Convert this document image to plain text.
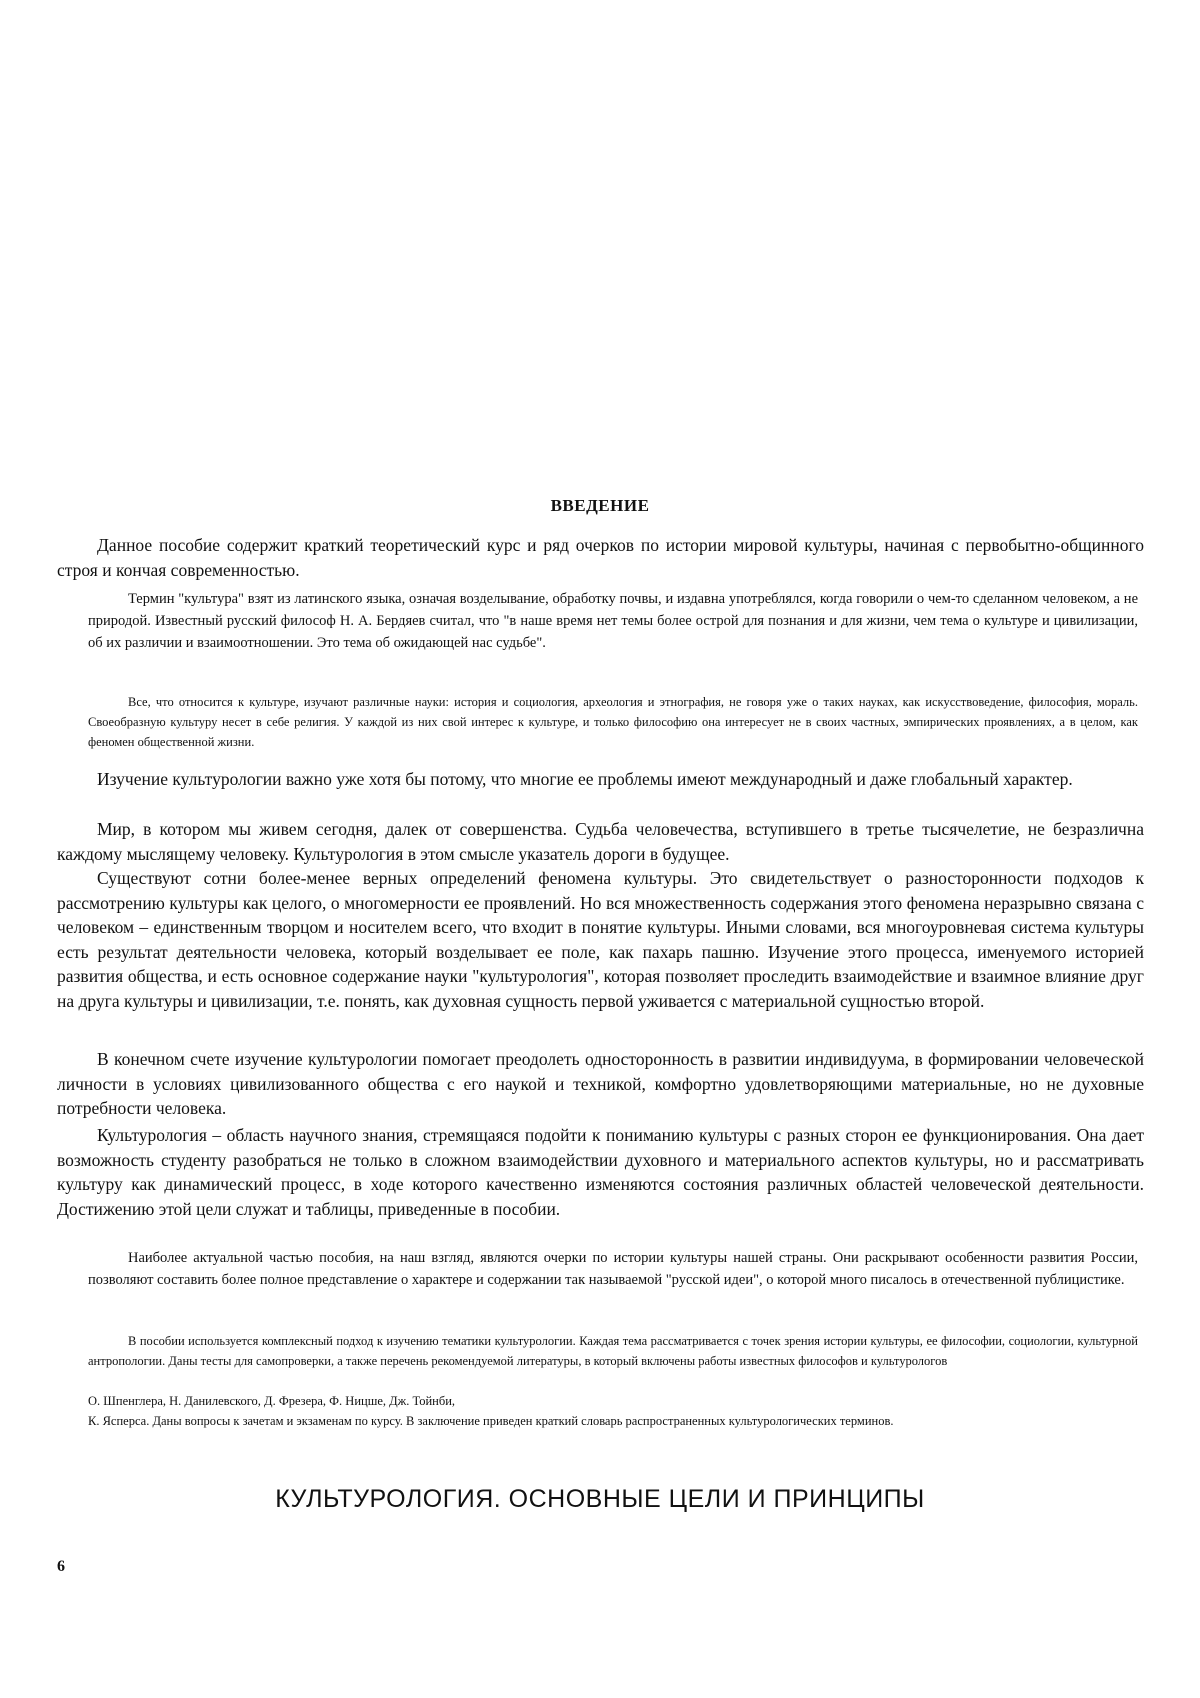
ВВЕДЕНИЕ

Данное пособие содержит краткий теоретический курс и ряд очерков по истории мировой культуры, начиная с первобытно-общинного строя и кончая современностью.

Термин "культура" взят из латинского языка, означая возделывание, обработку почвы, и издавна употреблялся, когда говорили о чем-то сделанном человеком, а не природой. Известный русский философ Н. А. Бердяев считал, что "в наше время нет темы более острой для познания и для жизни, чем тема о культуре и цивилизации, об их различии и взаимоотношении. Это тема об ожидающей нас судьбе".

Все, что относится к культуре, изучают различные науки: история и социология, археология и этнография, не говоря уже о таких науках, как искусствоведение, философия, мораль. Своеобразную культуру несет в себе религия. У каждой из них свой интерес к культуре, и только философию она интересует не в своих частных, эмпирических проявлениях, а в целом, как феномен общественной жизни.

Изучение культурологии важно уже хотя бы потому, что многие ее проблемы имеют международный и даже глобальный характер.

Мир, в котором мы живем сегодня, далек от совершенства. Судьба человечества, вступившего в третье тысячелетие, не безразлична каждому мыслящему человеку. Культурология в этом смысле указатель дороги в будущее.

Существуют сотни более-менее верных определений феномена культуры. Это свидетельствует о разносторонности подходов к рассмотрению культуры как целого, о многомерности ее проявлений. Но вся множественность содержания этого феномена неразрывно связана с человеком – единственным творцом и носителем всего, что входит в понятие культуры. Иными словами, вся многоуровневая система культуры есть результат деятельности человека, который возделывает ее поле, как пахарь пашню. Изучение этого процесса, именуемого историей развития общества, и есть основное содержание науки "культурология", которая позволяет проследить взаимодействие и взаимное влияние друг на друга культуры и цивилизации, т.е. понять, как духовная сущность первой уживается с материальной сущностью второй.

В конечном счете изучение культурологии помогает преодолеть односторонность в развитии индивидуума, в формировании человеческой личности в условиях цивилизованного общества с его наукой и техникой, комфортно удовлетворяющими материальные, но не духовные потребности человека.

Культурология – область научного знания, стремящаяся подойти к пониманию культуры с разных сторон ее функционирования. Она дает возможность студенту разобраться не только в сложном взаимодействии духовного и материального аспектов культуры, но и рассматривать культуру как динамический процесс, в ходе которого качественно изменяются состояния различных областей человеческой деятельности. Достижению этой цели служат и таблицы, приведенные в пособии.

Наиболее актуальной частью пособия, на наш взгляд, являются очерки по истории культуры нашей страны. Они раскрывают особенности развития России, позволяют составить более полное представление о характере и содержании так называемой "русской идеи", о которой много писалось в отечественной публицистике.

В пособии используется комплексный подход к изучению тематики культурологии. Каждая тема рассматривается с точек зрения истории культуры, ее философии, социологии, культурной антропологии. Даны тесты для самопроверки, а также перечень рекомендуемой литературы, в который включены работы известных философов и культурологов

О. Шпенглера, Н. Данилевского, Д. Фрезера, Ф. Ницше, Дж. Тойнби,

К. Ясперса. Даны вопросы к зачетам и экзаменам по курсу. В заключение приведен краткий словарь распространенных культурологических терминов.

КУЛЬТУРОЛОГИЯ. ОСНОВНЫЕ ЦЕЛИ И ПРИНЦИПЫ
6
